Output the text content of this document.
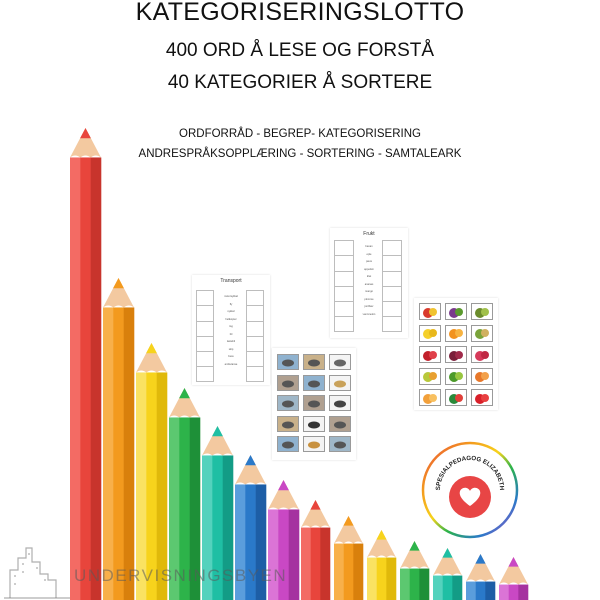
KATEGORISERINGSLOTTO
400 ORD Å LESE OG FORSTÅ
40 KATEGORIER Å SORTERE
ORDFORRÅD - BEGREP- KATEGORISERING
ANDRESPRÅKSOPPLÆRING - SORTERING - SAMTALEARK
Transport
motorsykkel
fly
sykkel
helikopter
tog
bil
lastebil
skip
buss
ambulanse
Frukt
banan
eple
pære
appelsin
kiwi
ananas
mango
plomme
jordbær
vannmelon
SPESIALPEDAGOG ELIZABETH
UNDERVISNINGSBYEN
